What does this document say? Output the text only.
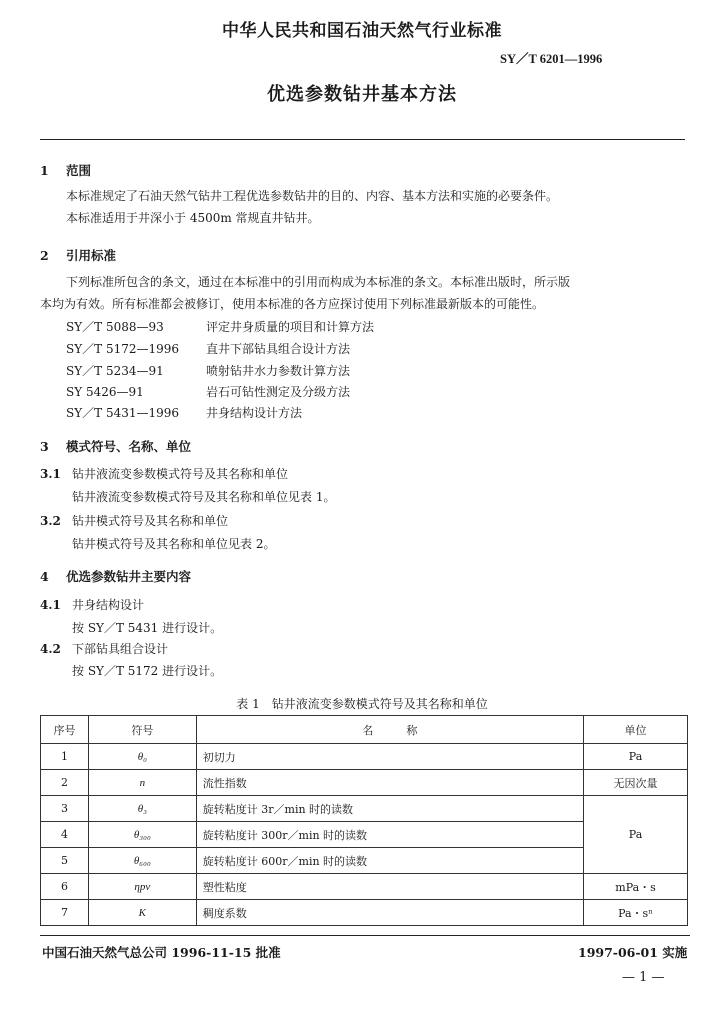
中华人民共和国石油天然气行业标准
SY／T 6201—1996
优选参数钻井基本方法
1 范围
本标准规定了石油天然气钻井工程优选参数钻井的目的、内容、基本方法和实施的必要条件。
本标准适用于井深小于 4500m 常规直井钻井。
2 引用标准
下列标准所包含的条文，通过在本标准中的引用而构成为本标准的条文。本标准出版时，所示版
本均为有效。所有标准都会被修订，使用本标准的各方应探讨使用下列标准最新版本的可能性。
SY／T 5088—93	评定井身质量的项目和计算方法
SY／T 5172—1996 直井下部钻具组合设计方法
SY／T 5234—91	喷射钻井水力参数计算方法
SY 5426—91	岩石可钻性测定及分级方法
SY／T 5431—1996 井身结构设计方法
3 模式符号、名称、单位
3.1 钻井液流变参数模式符号及其名称和单位
钻井液流变参数模式符号及其名称和单位见表 1。
3.2 钻井模式符号及其名称和单位
钻井模式符号及其名称和单位见表 2。
4 优选参数钻井主要内容
4.1 井身结构设计
按 SY／T 5431 进行设计。
4.2 下部钻具组合设计
按 SY／T 5172 进行设计。
表 1　钻井液流变参数模式符号及其名称和单位
序号	符号	名　　　称	单位
1	θ₀	初切力	Pa
2	n	流性指数	无因次量
3	θ₃	旋转粘度计 3r／min 时的读数	Pa
4	θ₃₀₀	旋转粘度计 300r／min 时的读数	
5	θ₆₀₀	旋转粘度计 600r／min 时的读数	
6	ηpv	塑性粘度	mPa・s
7	K	稠度系数	Pa・sⁿ
中国石油天然气总公司 1996-11-15 批准	1997-06-01 实施
— 1 —
